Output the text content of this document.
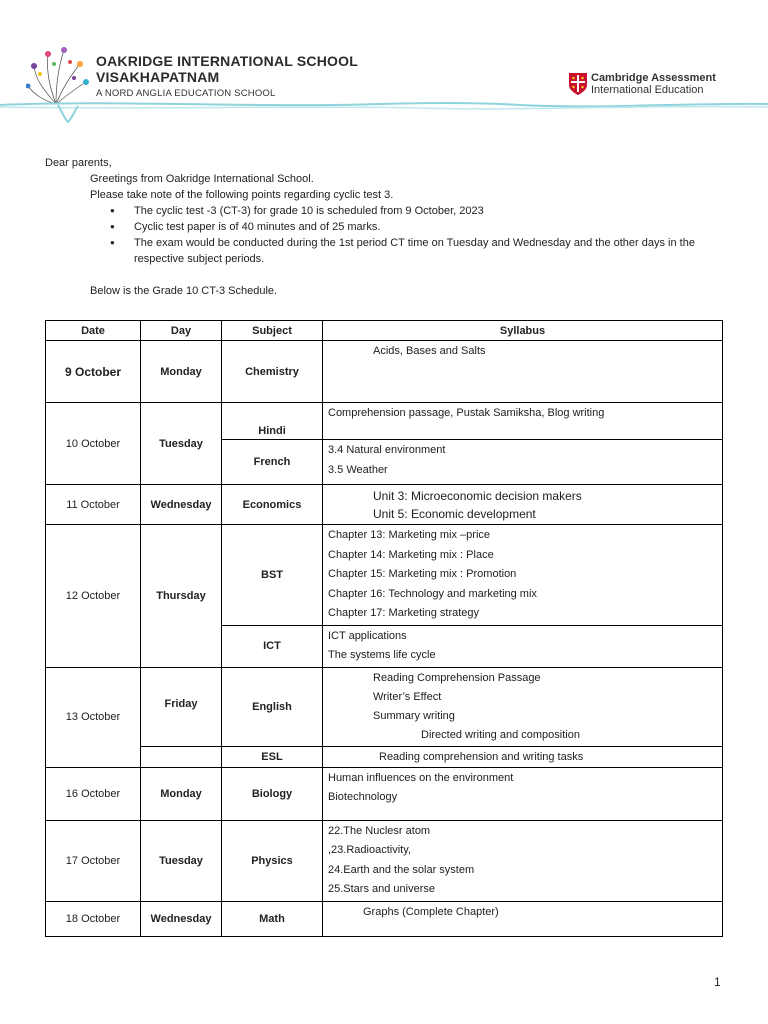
OAKRIDGE INTERNATIONAL SCHOOL
VISAKHAPATNAM
A NORD ANGLIA EDUCATION SCHOOL
Cambridge Assessment
International Education

Dear parents,

Greetings from Oakridge International School.

Please take note of the following points regarding cyclic test 3.

● The cyclic test -3 (CT-3) for grade 10 is scheduled from 9 October, 2023
● Cyclic test paper is of 40 minutes and of 25 marks.
● The exam would be conducted during the 1st period CT time on Tuesday and Wednesday and the other days in the respective subject periods.

Below is the Grade 10 CT-3 Schedule.

Date	Day	Subject	Syllabus
9 October	Monday	Chemistry	Acids, Bases and Salts

10 October	Tuesday	Hindi	Comprehension passage, Pustak Samiksha, Blog writing

		French	3.4 Natural environment
3.5 Weather

11 October	Wednesday	Economics	Unit 3: Microeconomic decision makers
Unit 5: Economic development

12 October	Thursday	BST	Chapter 13: Marketing mix –price
Chapter 14: Marketing mix : Place
Chapter 15: Marketing mix : Promotion
Chapter 16: Technology and marketing mix
Chapter 17: Marketing strategy

		ICT	ICT applications
The systems life cycle

13 October	Friday	English	Reading Comprehension Passage
Writer’s Effect
Summary writing
Directed writing and composition

		ESL	Reading comprehension and writing tasks

16 October	Monday	Biology	Human influences on the environment
Biotechnology

17 October	Tuesday	Physics	22.The Nuclesr atom
,23.Radioactivity,
24.Earth and the solar system
25.Stars and universe

18 October	Wednesday	Math	Graphs (Complete Chapter)
1
